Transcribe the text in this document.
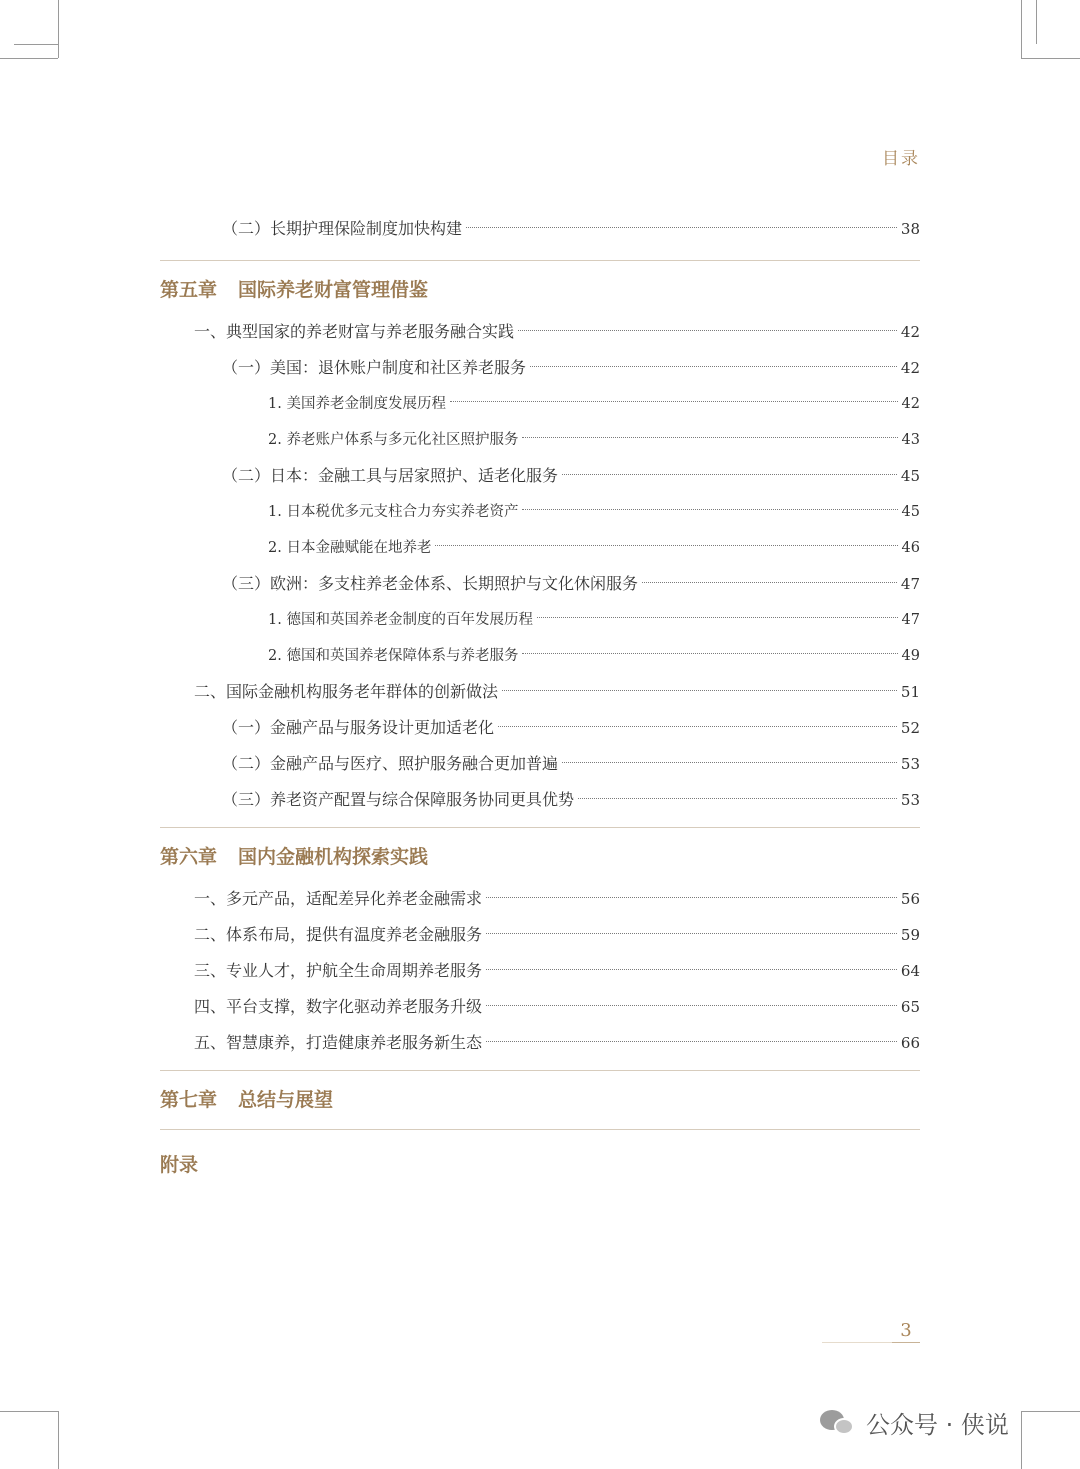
目录
（二）长期护理保险制度加快构建	38
第五章	国际养老财富管理借鉴
一、典型国家的养老财富与养老服务融合实践	42
（一）美国：退休账户制度和社区养老服务	42
1. 美国养老金制度发展历程	42
2. 养老账户体系与多元化社区照护服务	43
（二）日本：金融工具与居家照护、适老化服务	45
1. 日本税优多元支柱合力夯实养老资产	45
2. 日本金融赋能在地养老	46
（三）欧洲：多支柱养老金体系、长期照护与文化休闲服务	47
1. 德国和英国养老金制度的百年发展历程	47
2. 德国和英国养老保障体系与养老服务	49
二、国际金融机构服务老年群体的创新做法	51
（一）金融产品与服务设计更加适老化	52
（二）金融产品与医疗、照护服务融合更加普遍	53
（三）养老资产配置与综合保障服务协同更具优势	53
第六章	国内金融机构探索实践
一、多元产品，适配差异化养老金融需求	56
二、体系布局，提供有温度养老金融服务	59
三、专业人才，护航全生命周期养老服务	64
四、平台支撑，数字化驱动养老服务升级	65
五、智慧康养，打造健康养老服务新生态	66
第七章	总结与展望
附录
3
公众号 · 侠说
